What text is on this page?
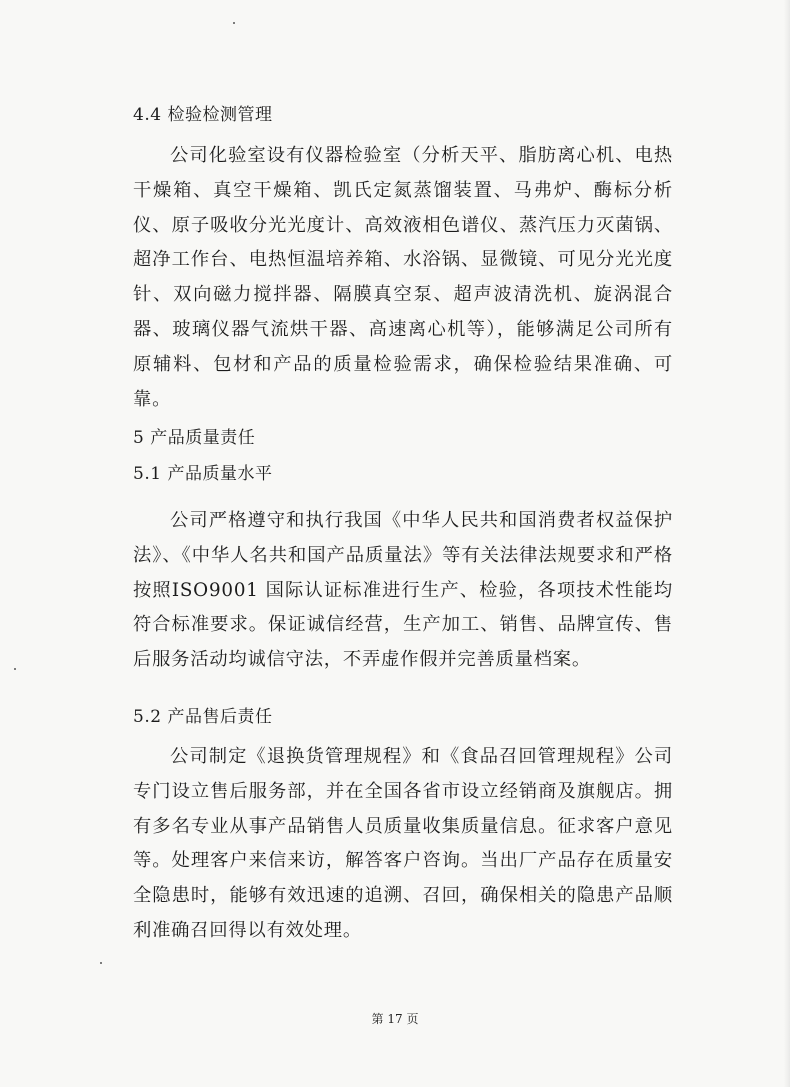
4.4 检验检测管理
公司化验室设有仪器检验室（分析天平、脂肪离心机、电热干燥箱、真空干燥箱、凯氏定氮蒸馏装置、马弗炉、酶标分析仪、原子吸收分光光度计、高效液相色谱仪、蒸汽压力灭菌锅、超净工作台、电热恒温培养箱、水浴锅、显微镜、可见分光光度针、双向磁力搅拌器、隔膜真空泵、超声波清洗机、旋涡混合器、玻璃仪器气流烘干器、高速离心机等），能够满足公司所有原辅料、包材和产品的质量检验需求，确保检验结果准确、可靠。
5 产品质量责任
5.1 产品质量水平
公司严格遵守和执行我国《中华人民共和国消费者权益保护法》、《中华人名共和国产品质量法》等有关法律法规要求和严格按照ISO9001 国际认证标准进行生产、检验，各项技术性能均符合标准要求。保证诚信经营，生产加工、销售、品牌宣传、售后服务活动均诚信守法，不弄虚作假并完善质量档案。
5.2 产品售后责任
公司制定《退换货管理规程》和《食品召回管理规程》公司专门设立售后服务部，并在全国各省市设立经销商及旗舰店。拥有多名专业从事产品销售人员质量收集质量信息。征求客户意见等。处理客户来信来访，解答客户咨询。当出厂产品存在质量安全隐患时，能够有效迅速的追溯、召回，确保相关的隐患产品顺利准确召回得以有效处理。
第 17 页
